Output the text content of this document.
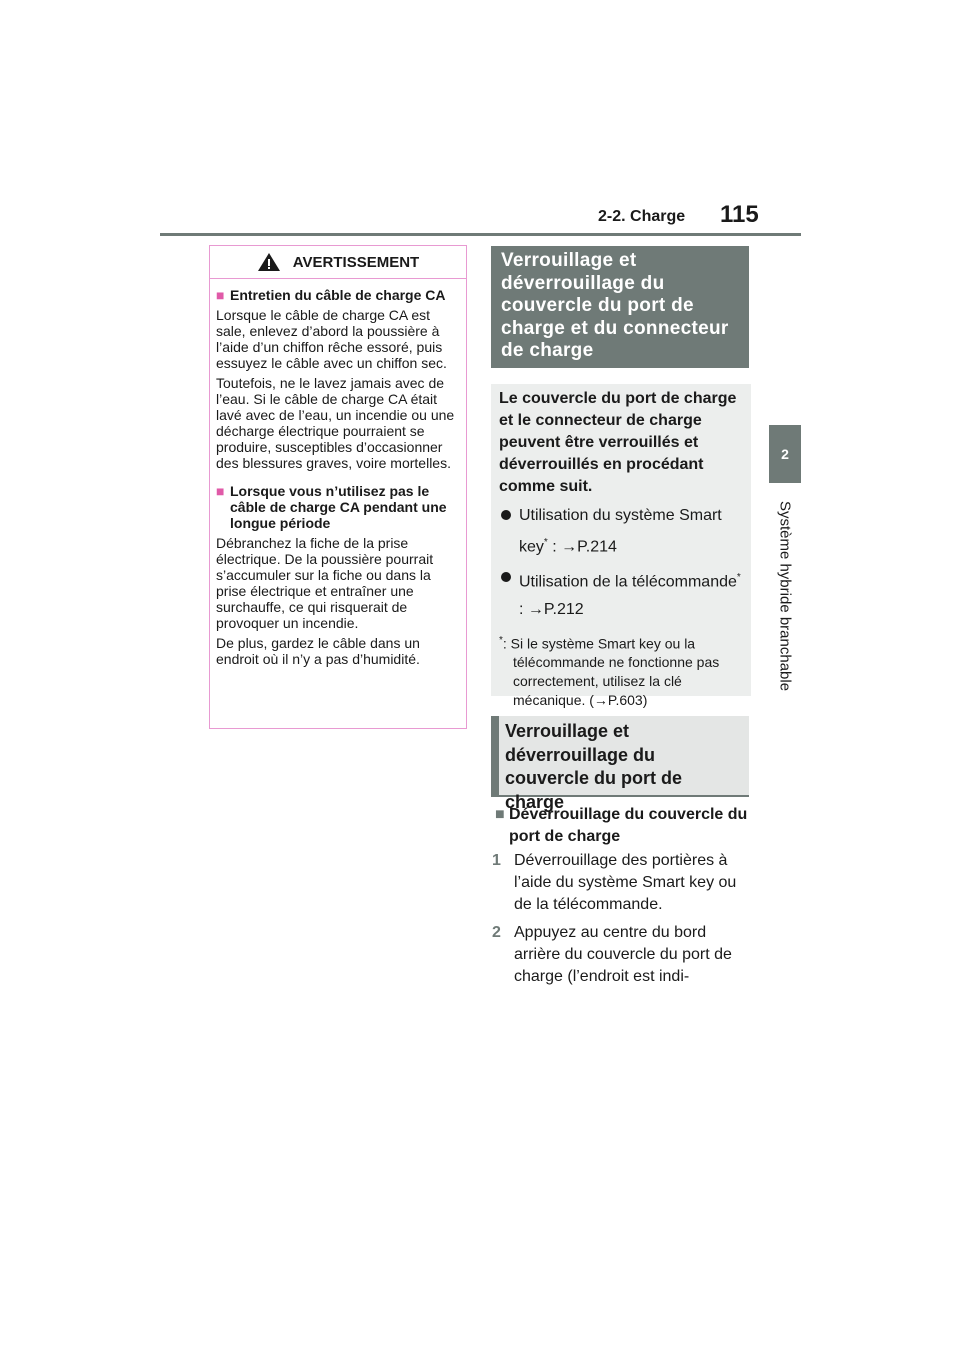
2-2. Charge 115
2
Système hybride branchable
AVERTISSEMENT
■ Entretien du câble de charge CA

Lorsque le câble de charge CA est sale, enlevez d’abord la poussière à l’aide d’un chiffon rêche essoré, puis essuyez le câble avec un chiffon sec.

Toutefois, ne le lavez jamais avec de l’eau. Si le câble de charge CA était lavé avec de l’eau, un incendie ou une décharge électrique pourraient se produire, susceptibles d’occasionner des blessures graves, voire mortelles.

■ Lorsque vous n’utilisez pas le câble de charge CA pendant une longue période

Débranchez la fiche de la prise électrique. De la poussière pourrait s’accumuler sur la fiche ou dans la prise électrique et entraîner une surchauffe, ce qui risquerait de provoquer un incendie.

De plus, gardez le câble dans un endroit où il n’y a pas d’humidité.

Verrouillage et déverrouillage du couvercle du port de charge et du connecteur de charge
Le couvercle du port de charge et le connecteur de charge peuvent être verrouillés et déverrouillés en procédant comme suit.
Utilisation du système Smart key* : →P.214
Utilisation de la télécommande* : →P.212
*: Si le système Smart key ou la télécommande ne fonctionne pas correctement, utilisez la clé mécanique. (→P.603)
Verrouillage et déverrouillage du couvercle du port de charge
■ Déverrouillage du couvercle du port de charge
1 Déverrouillage des portières à l’aide du système Smart key ou de la télécommande.
2 Appuyez au centre du bord arrière du couvercle du port de charge (l’endroit est indi-
